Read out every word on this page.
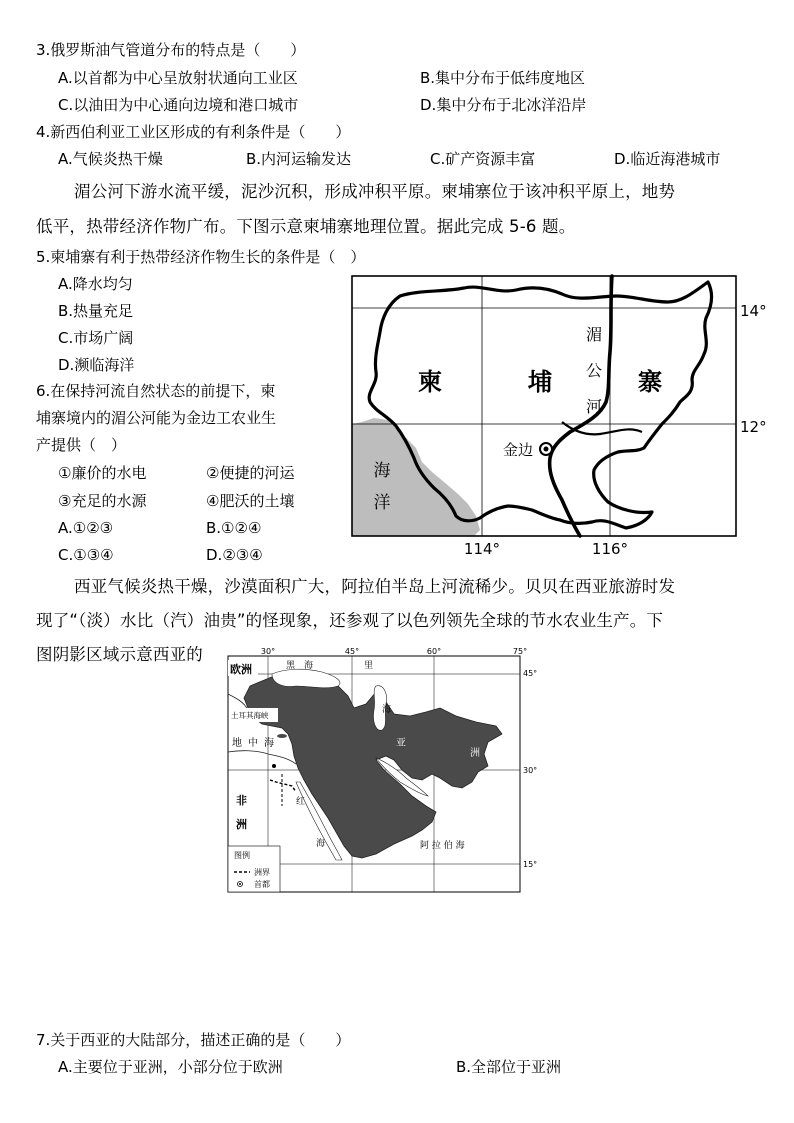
3.俄罗斯油气管道分布的特点是（　　）
A.以首都为中心呈放射状通向工业区	B.集中分布于低纬度地区
C.以油田为中心通向边境和港口城市	D.集中分布于北冰洋沿岸
4.新西伯利亚工业区形成的有利条件是（　　）
A.气候炎热干燥	B.内河运输发达	C.矿产资源丰富	D.临近海港城市
湄公河下游水流平缓，泥沙沉积，形成冲积平原。柬埔寨位于该冲积平原上，地势
低平，热带经济作物广布。下图示意柬埔寨地理位置。据此完成 5-6 题。
5.柬埔寨有利于热带经济作物生长的条件是（　）
A.降水均匀
B.热量充足
C.市场广阔
D.濒临海洋
6.在保持河流自然状态的前提下，柬
埔寨境内的湄公河能为金边工农业生
产提供（　）
①廉价的水电	②便捷的河运
③充足的水源	④肥沃的土壤
A.①②③	B.①②④
C.①③④	D.②③④
柬	埔	寨
湄
公
河
海
洋
金边
14°
12°
114°	116°
西亚气候炎热干燥，沙漠面积广大，阿拉伯半岛上河流稀少。贝贝在西亚旅游时发
现了“（淡）水比（汽）油贵”的怪现象，还参观了以色列领先全球的节水农业生产。下
图阴影区域示意西亚的	30°	45°	60°	75°
45°
30°
15°
欧洲	黑　海	里
海
土耳其海峡
地 中 海	亚
洲
非
洲
红
海	阿 拉 伯 海
图例
洲界
首都
7.关于西亚的大陆部分，描述正确的是（　　）
A.主要位于亚洲，小部分位于欧洲	B.全部位于亚洲
